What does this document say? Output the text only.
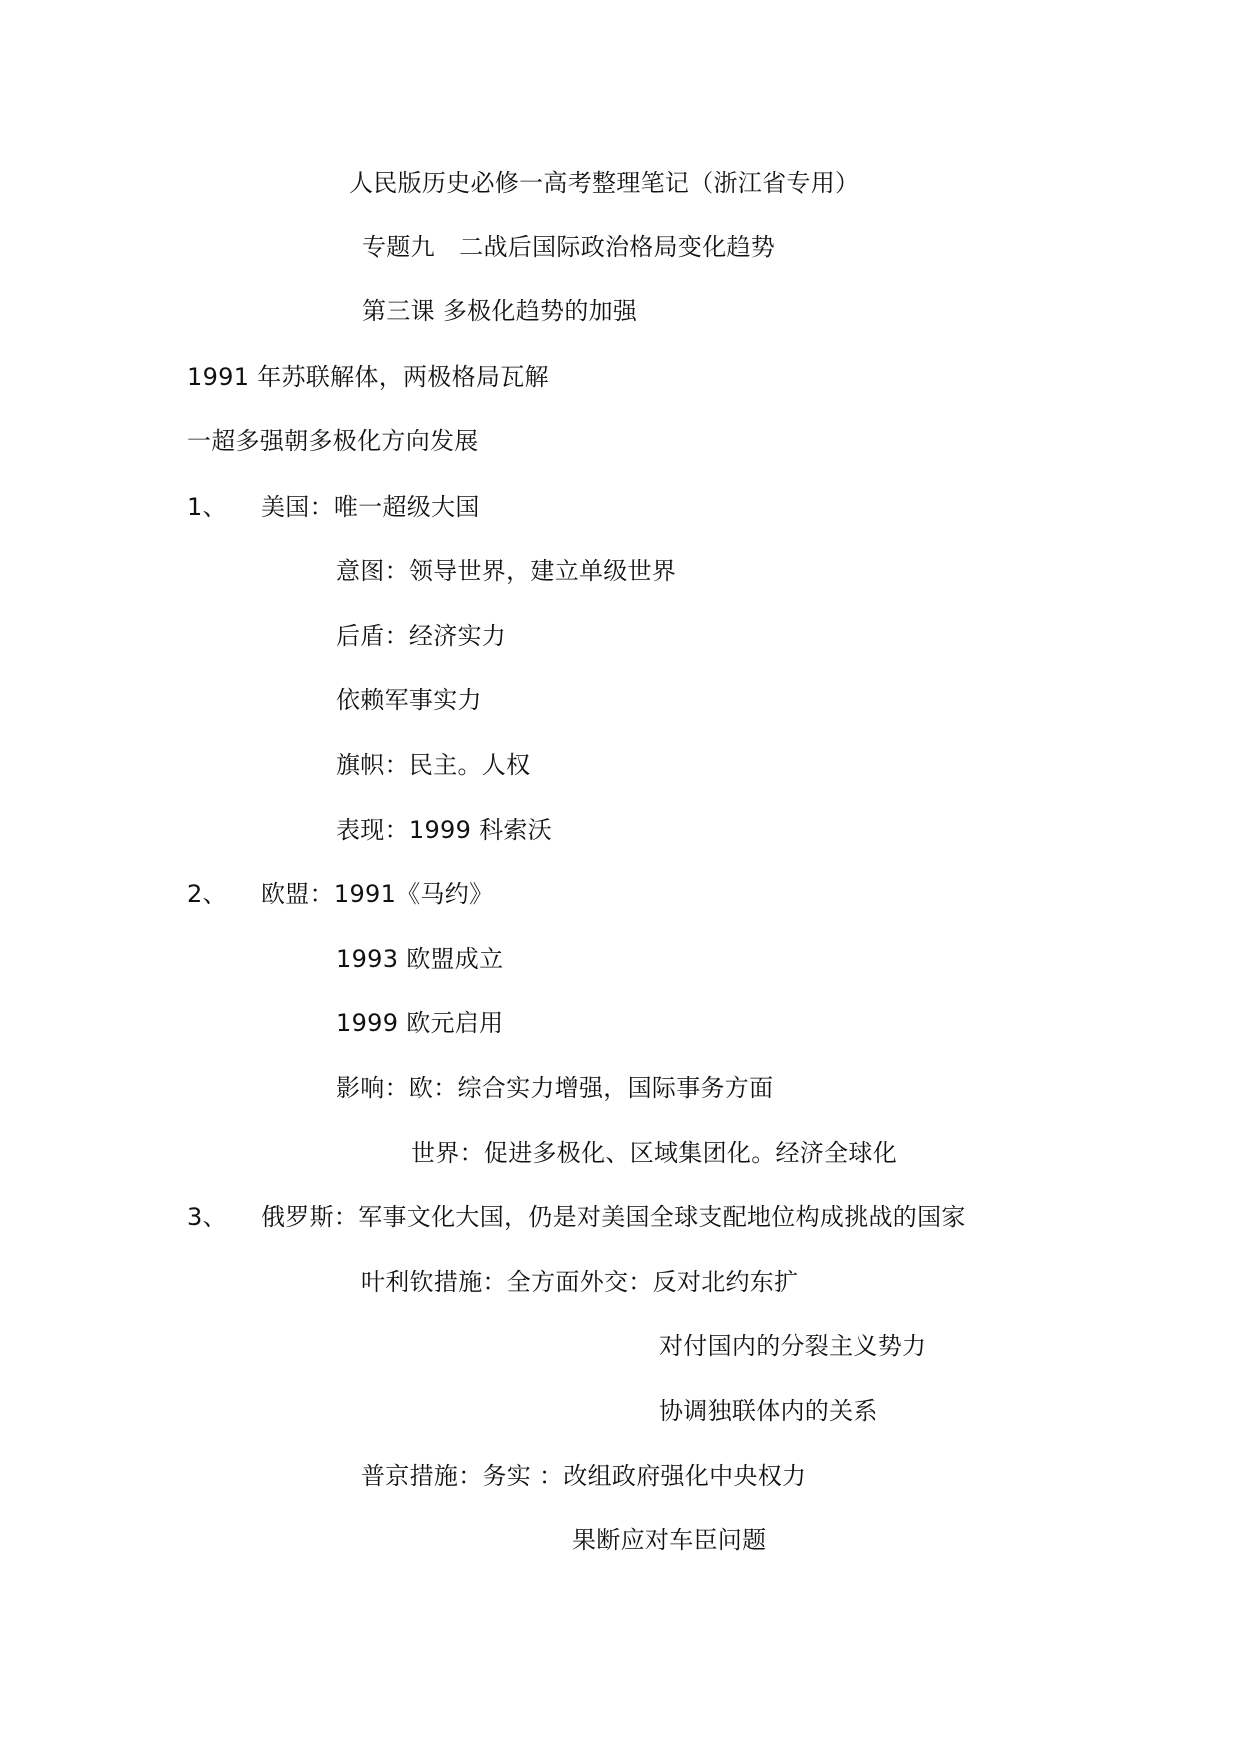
人民版历史必修一高考整理笔记（浙江省专用）
专题九　二战后国际政治格局变化趋势
第三课 多极化趋势的加强
1991 年苏联解体，两极格局瓦解
一超多强朝多极化方向发展
1、 美国：唯一超级大国
意图：领导世界，建立单级世界
后盾：经济实力
依赖军事实力
旗帜：民主。人权
表现：1999 科索沃
2、 欧盟：1991《马约》
1993 欧盟成立
1999 欧元启用
影响：欧：综合实力增强，国际事务方面
世界：促进多极化、区域集团化。经济全球化
3、 俄罗斯：军事文化大国，仍是对美国全球支配地位构成挑战的国家
叶利钦措施：全方面外交：反对北约东扩
对付国内的分裂主义势力
协调独联体内的关系
普京措施：务实 ：改组政府强化中央权力
果断应对车臣问题
